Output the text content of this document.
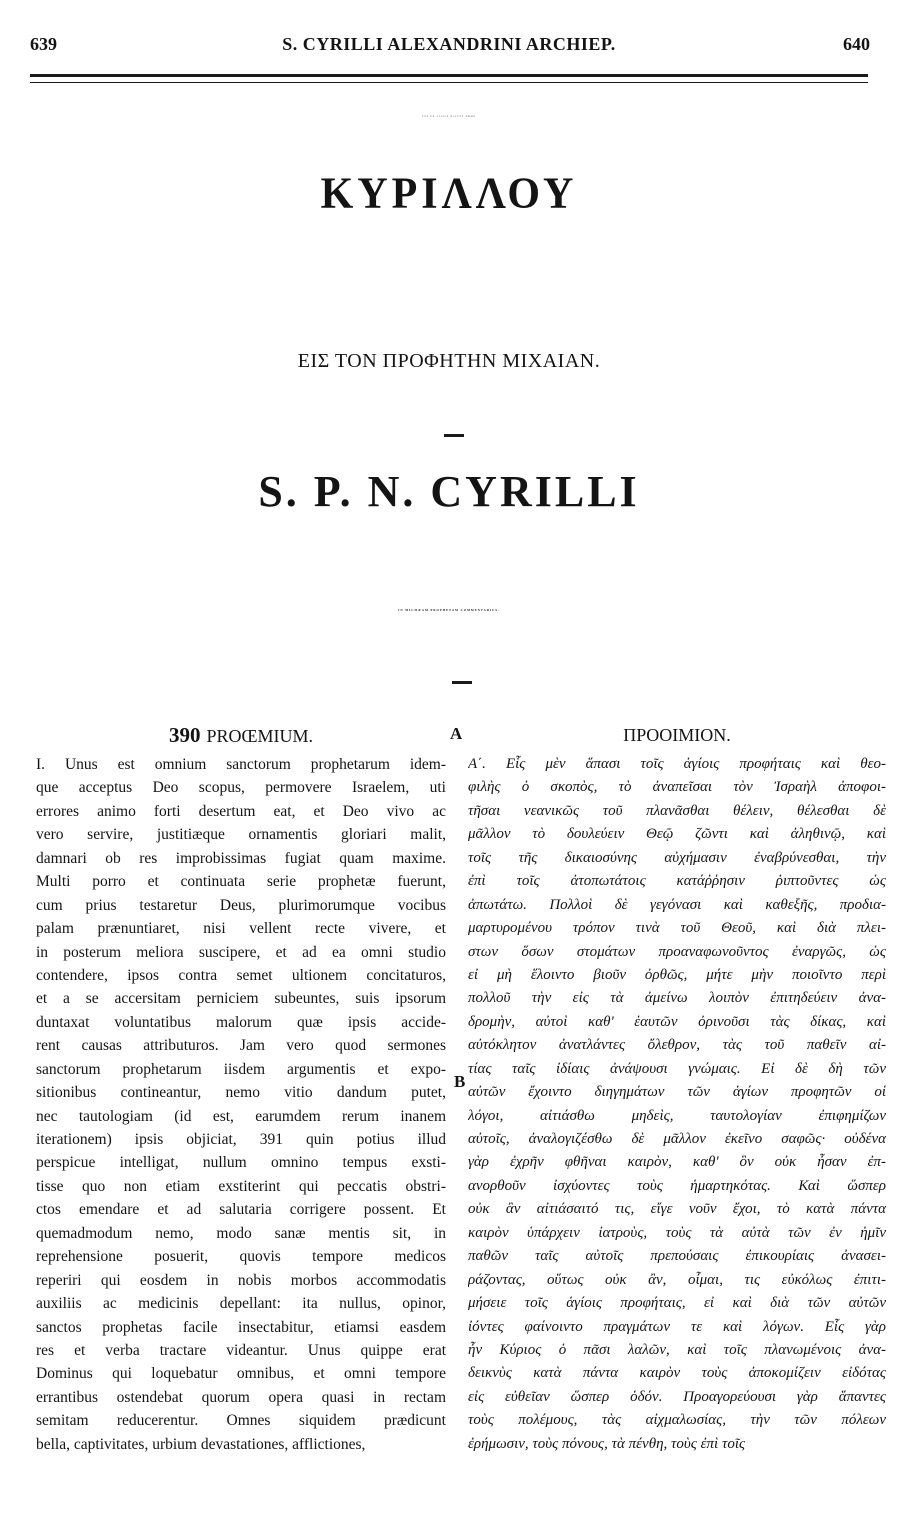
639	S. CYRILLI ALEXANDRINI ARCHIEP.	640
ΤΟΥ ΕΝ ΑΓΙΟΙΣ ΠΑΤΡΟΣ ΗΜΩΝ
ΚΥΡΙΛΛΟΥ
ΕΙΣ ΤΟΝ ΠΡΟΦΗΤΗΝ ΜΙΧΑΙΑΝ.
S. P. N. CYRILLI
IN MICHÆAM PROPHETAM COMMENTARIUS.
A
B
390 PROŒMIUM.
I. Unus est omnium sanctorum prophetarum idem-
que acceptus Deo scopus, permovere Israelem, uti
errores animo forti desertum eat, et Deo vivo ac
vero servire, justitiæque ornamentis gloriari malit,
damnari ob res improbissimas fugiat quam maxime.
Multi porro et continuata serie prophetæ fuerunt,
cum prius testaretur Deus, plurimorumque vocibus
palam prænuntiaret, nisi vellent recte vivere, et
in posterum meliora suscipere, et ad ea omni studio
contendere, ipsos contra semet ultionem concitaturos,
et a se accersitam perniciem subeuntes, suis ipsorum
duntaxat voluntatibus malorum quæ ipsis accide-
rent causas attributuros. Jam vero quod sermones
sanctorum prophetarum iisdem argumentis et expo-
sitionibus contineantur, nemo vitio dandum putet,
nec tautologiam (id est, earumdem rerum inanem
iterationem) ipsis objiciat, 391 quin potius illud
perspicue intelligat, nullum omnino tempus exsti-
tisse quo non etiam exstiterint qui peccatis obstri-
ctos emendare et ad salutaria corrigere possent. Et
quemadmodum nemo, modo sanæ mentis sit, in
reprehensione posuerit, quovis tempore medicos
reperiri qui eosdem in nobis morbos accommodatis
auxiliis ac medicinis depellant: ita nullus, opinor,
sanctos prophetas facile insectabitur, etiamsi easdem
res et verba tractare videantur. Unus quippe erat
Dominus qui loquebatur omnibus, et omni tempore
errantibus ostendebat quorum opera quasi in rectam
semitam reducerentur. Omnes siquidem prædicunt
bella, captivitates, urbium devastationes, afflictiones,
ΠΡΟΟΙΜΙΟΝ.
Α΄. Εἷς μὲν ἅπασι τοῖς ἁγίοις προφήταις καὶ θεο-
φιλὴς ὁ σκοπὸς, τὸ ἀναπεῖσαι τὸν Ἰσραὴλ ἀποφοι-
τῆσαι νεανικῶς τοῦ πλανᾶσθαι θέλειν, θέλεσθαι δὲ
μᾶλλον τὸ δουλεύειν Θεῷ ζῶντι καὶ ἀληθινῷ, καὶ
τοῖς τῆς δικαιοσύνης αὐχήμασιν ἐναβρύνεσθαι, τὴν
ἐπὶ τοῖς ἀτοπωτάτοις κατάῤῥησιν ῥιπτοῦντες ὡς
ἀπωτάτω. Πολλοὶ δὲ γεγόνασι καὶ καθεξῆς, προδια-
μαρτυρομένου τρόπον τινὰ τοῦ Θεοῦ, καὶ διὰ πλει-
στων ὅσων στομάτων προαναφωνοῦντος ἐναργῶς, ὡς
εἰ μὴ ἕλοιντο βιοῦν ὀρθῶς, μήτε μὴν ποιοῖντο περὶ
πολλοῦ τὴν εἰς τὰ ἀμείνω λοιπὸν ἐπιτηδεύειν ἀνα-
δρομὴν, αὐτοὶ καθ' ἑαυτῶν ὀρινοῦσι τὰς δίκας, καὶ
αὐτόκλητον ἀνατλάντες ὄλεθρον, τὰς τοῦ παθεῖν αἰ-
τίας ταῖς ἰδίαις ἀνάψουσι γνώμαις. Εἰ δὲ δὴ τῶν
αὐτῶν ἔχοιντο διηγημάτων τῶν ἁγίων προφητῶν οἱ
λόγοι, αἰτιάσθω μηδεὶς, ταυτολογίαν ἐπιφημίζων
αὐτοῖς, ἀναλογιζέσθω δὲ μᾶλλον ἐκεῖνο σαφῶς· οὐδένα
γὰρ ἐχρῆν φθῆναι καιρὸν, καθ' ὃν οὐκ ἦσαν ἐπ-
ανορθοῦν ἰσχύοντες τοὺς ἡμαρτηκότας. Καὶ ὥσπερ
οὐκ ἂν αἰτιάσαιτό τις, εἴγε νοῦν ἔχοι, τὸ κατὰ πάντα
καιρὸν ὑπάρχειν ἰατροὺς, τοὺς τὰ αὐτὰ τῶν ἐν ἡμῖν
παθῶν ταῖς αὐτοῖς πρεπούσαις ἐπικουρίαις ἀνασει-
ράζοντας, οὕτως οὐκ ἂν, οἶμαι, τις εὐκόλως ἐπιτι-
μήσειε τοῖς ἁγίοις προφήταις, εἰ καὶ διὰ τῶν αὐτῶν
ἰόντες φαίνοιντο πραγμάτων τε καὶ λόγων. Εἷς γὰρ
ἦν Κύριος ὁ πᾶσι λαλῶν, καὶ τοῖς πλανωμένοις ἀνα-
δεικνὺς κατὰ πάντα καιρὸν τοὺς ἀποκομίζειν εἰδότας
εἰς εὐθεῖαν ὥσπερ ὁδόν. Προαγορεύουσι γὰρ ἅπαντες
τοὺς πολέμους, τὰς αἰχμαλωσίας, τὴν τῶν πόλεων
ἐρήμωσιν, τοὺς πόνους, τὰ πένθη, τοὺς ἐπὶ τοῖς
